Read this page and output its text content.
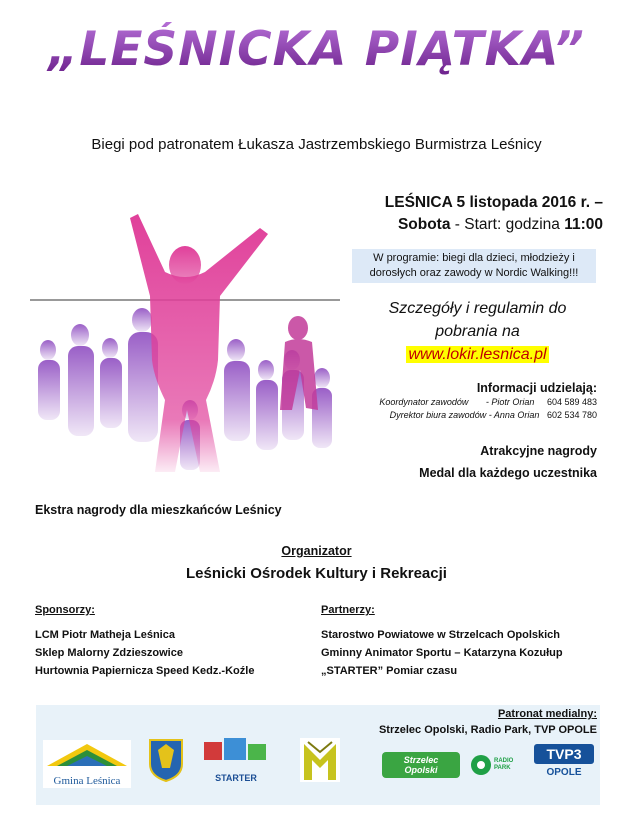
„LEŚNICKA PIĄTKA”
Biegi pod patronatem Łukasza Jastrzembskiego Burmistrza Leśnicy
LEŚNICA 5 listopada 2016 r. –
Sobota - Start: godzina 11:00
W programie: biegi dla dzieci, młodzieży i dorosłych oraz zawody w Nordic Walking!!!
Szczegóły i regulamin do
pobrania na
www.lokir.lesnica.pl
Informacji udzielają:
Koordynator zawodów - Piotr Orian 604 589 483
Dyrektor biura zawodów - Anna Orian 602 534 780
Atrakcyjne nagrody
Medal dla każdego uczestnika
Ekstra nagrody dla mieszkańców Leśnicy
Organizator
Leśnicki Ośrodek Kultury i Rekreacji
Sponsorzy:
LCM Piotr Matheja Leśnica
Sklep Malorny Zdzieszowice
Hurtownia Papiernicza Speed Kedz.-Koźle
Partnerzy:
Starostwo Powiatowe w Strzelcach Opolskich
Gminny Animator Sportu – Katarzyna Kozułup
„STARTER” Pomiar czasu
Patronat medialny:
Strzelec Opolski, Radio Park, TVP OPOLE
Gmina Leśnica	STARTER
Strzelec Opolski
RADIO PARK
TVP3
OPOLE
